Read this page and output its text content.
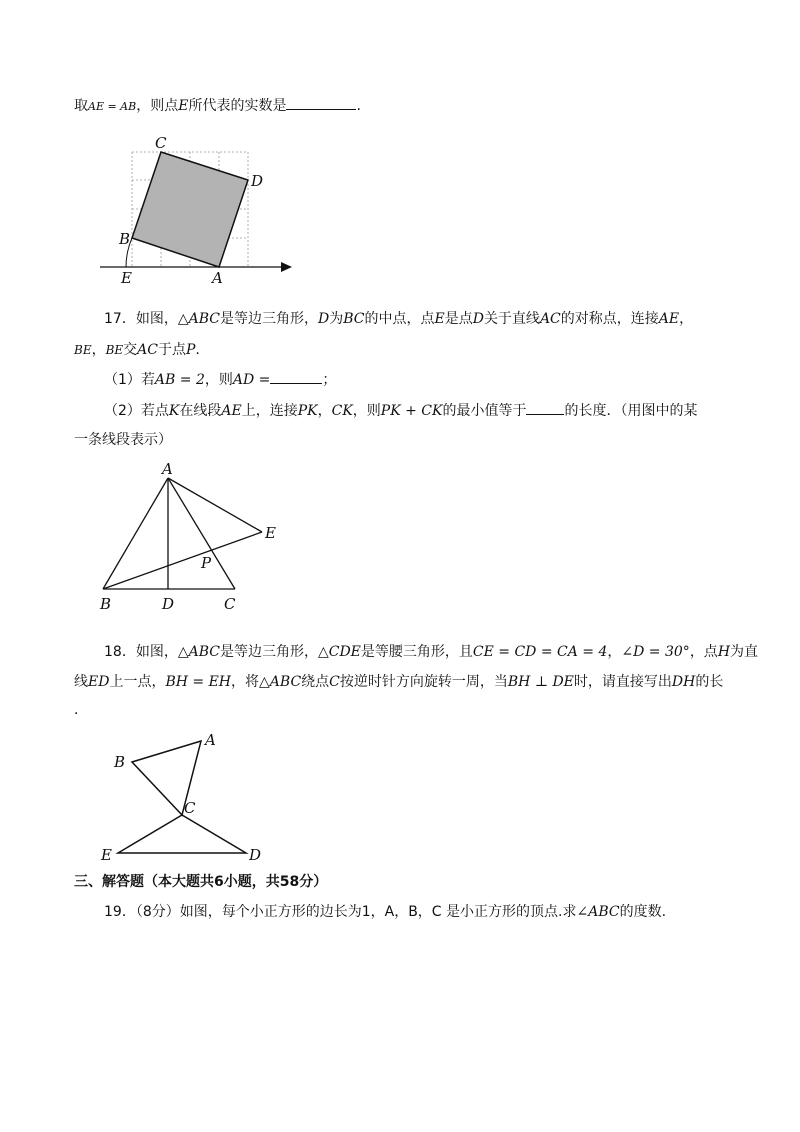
取AE = AB，则点E所代表的实数是	.
C
D
B
E	A
17．如图，△ABC是等边三角形，D为BC的中点，点E是点D关于直线AC的对称点，连接AE，
BE，BE交AC于点P.
（1）若AB = 2，则AD =	；
（2）若点K在线段AE上，连接PK，CK，则PK + CK的最小值等于	的长度．（用图中的某
一条线段表示）
A
E
P
B	D	C
18．如图，△ABC是等边三角形，△CDE是等腰三角形，且CE = CD = CA = 4，∠D = 30°，点H为直
线ED上一点，BH = EH，将△ABC绕点C按逆时针方向旋转一周，当BH ⊥ DE时，请直接写出DH的长
.
A
B
C
E	D
三、解答题（本大题共6小题，共58分）
19．（8分）如图，每个小正方形的边长为1，A，B，C 是小正方形的顶点.求∠ABC的度数.
